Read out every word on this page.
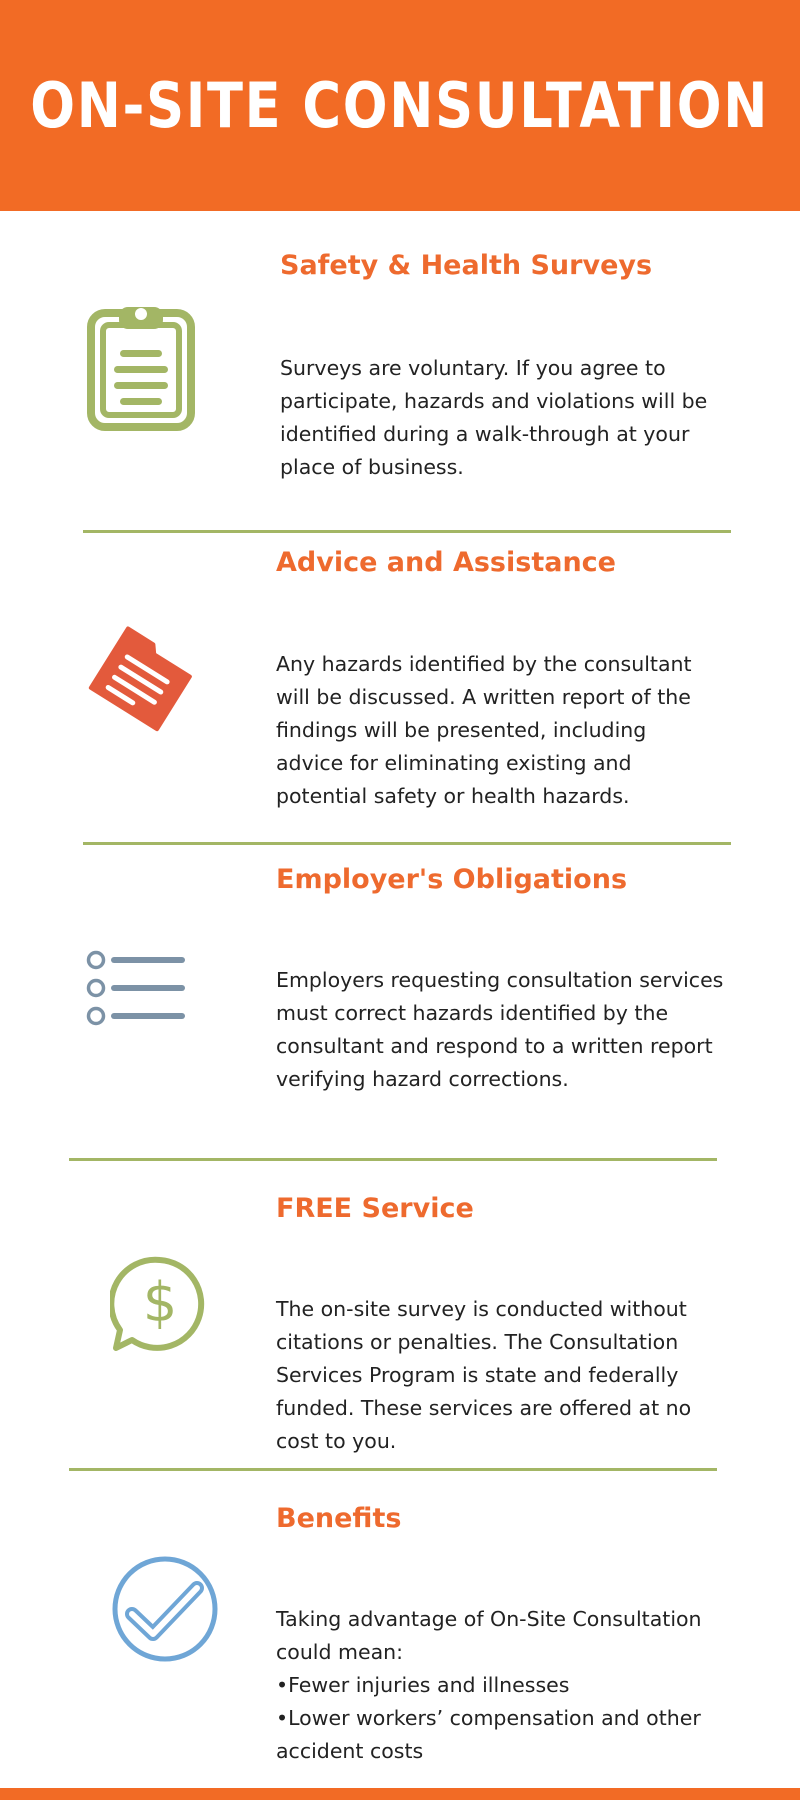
ON-SITE CONSULTATION
Safety & Health Surveys

Surveys are voluntary. If you agree to
participate, hazards and violations will be
identified during a walk-through at your
place of business.

Advice and Assistance

Any hazards identified by the consultant
will be discussed. A written report of the
findings will be presented, including
advice for eliminating existing and
potential safety or health hazards.

Employer's Obligations

Employers requesting consultation services
must correct hazards identified by the
consultant and respond to a written report
verifying hazard corrections.

$
FREE Service

The on-site survey is conducted without
citations or penalties. The Consultation
Services Program is state and federally
funded. These services are offered at no
cost to you.

Benefits

Taking advantage of On-Site Consultation
could mean:
•Fewer injuries and illnesses
•Lower workers’ compensation and other
accident costs
